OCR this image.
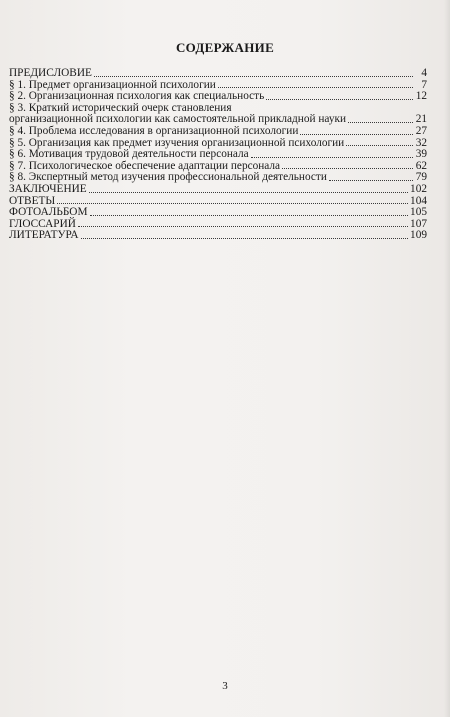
СОДЕРЖАНИЕ
ПРЕДИСЛОВИЕ	4
§ 1. Предмет организационной психологии	7
§ 2. Организационная психология как специальность	12
§ 3. Краткий исторический очерк становления
организационной психологии как самостоятельной прикладной науки	21
§ 4. Проблема исследования в организационной психологии	27
§ 5. Организация как предмет изучения организационной психологии	32
§ 6. Мотивация трудовой деятельности персонала	39
§ 7. Психологическое обеспечение адаптации персонала	62
§ 8. Экспертный метод изучения профессиональной деятельности	79
ЗАКЛЮЧЕНИЕ	102
ОТВЕТЫ	104
ФОТОАЛЬБОМ	105
ГЛОССАРИЙ	107
ЛИТЕРАТУРА	109
3
